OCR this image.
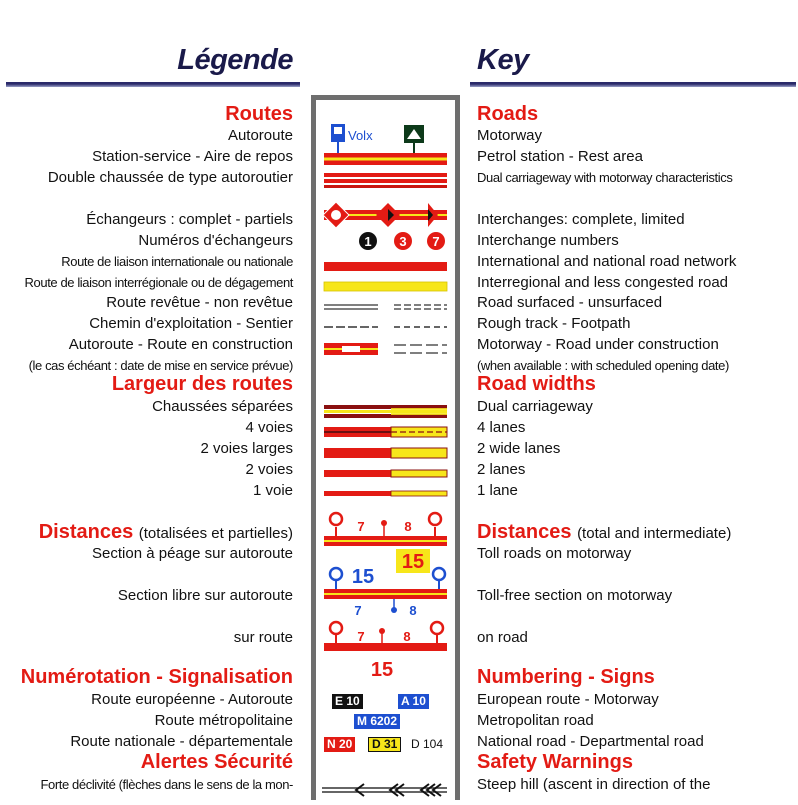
Légende	Key
Routes	Roads
Autoroute	Motorway
Station-service - Aire de repos	Petrol station - Rest area
Double chaussée de type autoroutier	Dual carriageway with motorway characteristics
Échangeurs : complet - partiels	Interchanges: complete, limited
Numéros d'échangeurs	Interchange numbers
Route de liaison internationale ou nationale	International and national road network
Route de liaison interrégionale ou de dégagement	Interregional and less congested road
Route revêtue - non revêtue	Road surfaced - unsurfaced
Chemin d'exploitation - Sentier	Rough track - Footpath
Autoroute - Route en construction	Motorway - Road under construction
(le cas échéant : date de mise en service prévue)	(when available : with scheduled opening date)
Largeur des routes	Road widths
Chaussées séparées	Dual carriageway
4 voies	4 lanes
2 voies larges	2 wide lanes
2 voies	2 lanes
1 voie	1 lane
Distances (totalisées et partielles)	Distances (total and intermediate)
Section à péage sur autoroute	Toll roads on motorway
Section libre sur autoroute	Toll-free section on motorway
sur route	on road
Numérotation - Signalisation	Numbering - Signs
Route européenne - Autoroute	European route - Motorway
Route métropolitaine	Metropolitan road
Route nationale - départementale	National road - Departmental road
Alertes Sécurité	Safety Warnings
Forte déclivité (flèches dans le sens de la mon-	Steep hill (ascent in direction of the
Volx
1 3 7
7	8
15
15
7	8
7	8
15
E 10	A 10
M 6202
N 20	D 31	D 104
